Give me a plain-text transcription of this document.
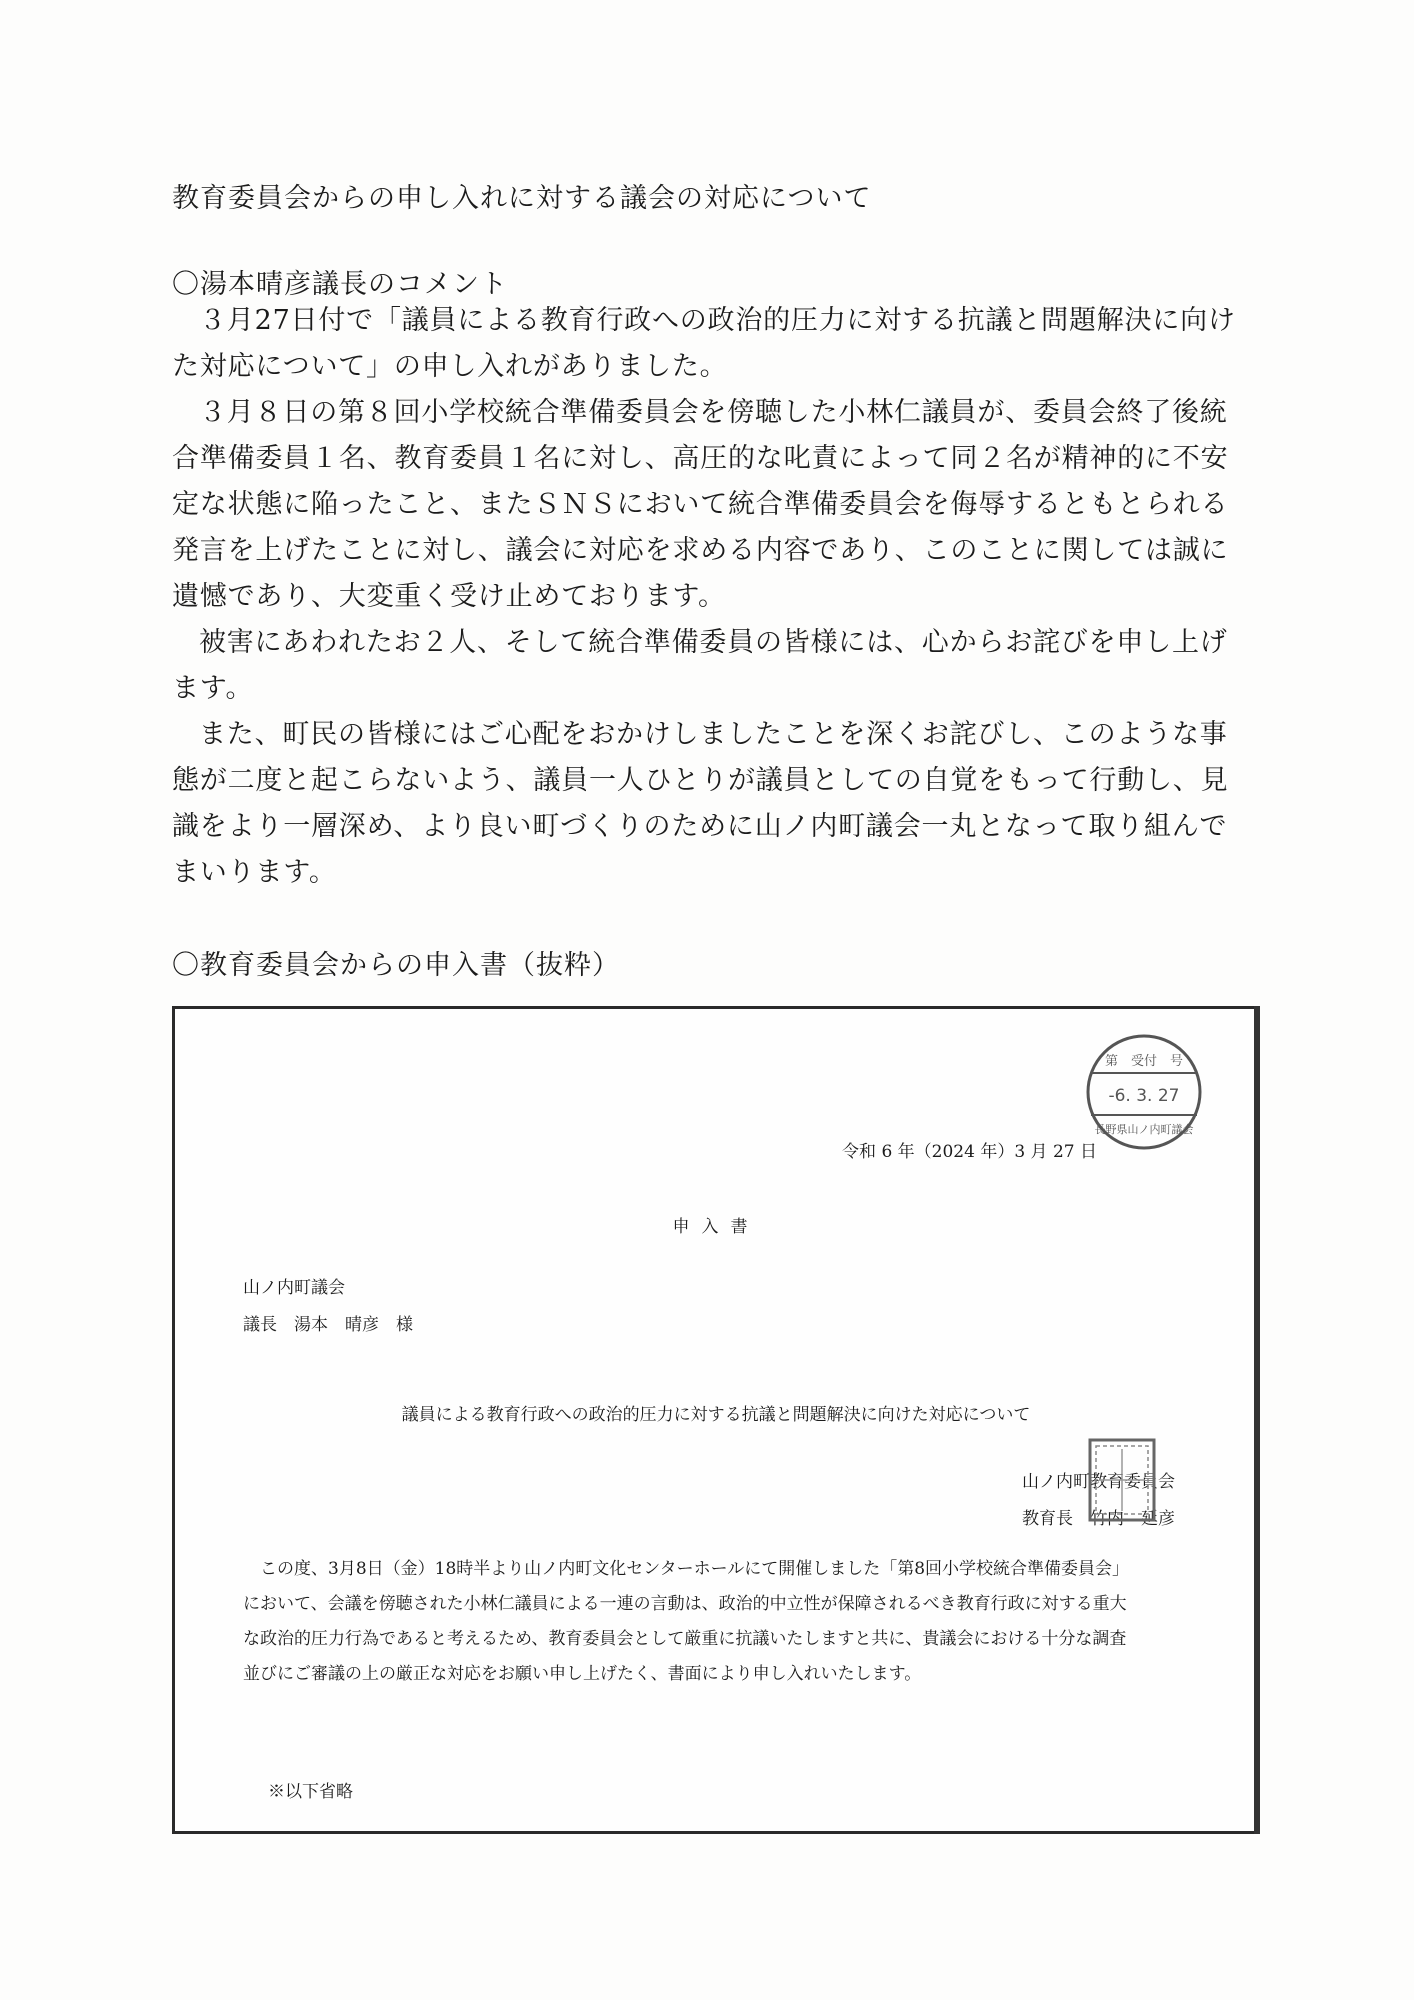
教育委員会からの申し入れに対する議会の対応について
〇湯本晴彦議長のコメント

３月27日付で「議員による教育行政への政治的圧力に対する抗議と問題解決に向けた対応について」の申し入れがありました。

３月８日の第８回小学校統合準備委員会を傍聴した小林仁議員が、委員会終了後統合準備委員１名、教育委員１名に対し、高圧的な叱責によって同２名が精神的に不安定な状態に陥ったこと、またＳＮＳにおいて統合準備委員会を侮辱するともとられる発言を上げたことに対し、議会に対応を求める内容であり、このことに関しては誠に遺憾であり、大変重く受け止めております。

被害にあわれたお２人、そして統合準備委員の皆様には、心からお詫びを申し上げます。

また、町民の皆様にはご心配をおかけしましたことを深くお詫びし、このような事態が二度と起こらないよう、議員一人ひとりが議員としての自覚をもって行動し、見識をより一層深め、より良い町づくりのために山ノ内町議会一丸となって取り組んでまいります。

〇教育委員会からの申入書（抜粋）
第　受付　号
-6. 3. 27
長野県山ノ内町議会
令和 6 年（2024 年）3 月 27 日
申入書
山ノ内町議会
議長　湯本　晴彦　様
議員による教育行政への政治的圧力に対する抗議と問題解決に向けた対応について
山ノ内町教育委員会
教育長　竹内　延彦

この度、3月8日（金）18時半より山ノ内町文化センターホールにて開催しました「第8回小学校統合準備委員会」において、会議を傍聴された小林仁議員による一連の言動は、政治的中立性が保障されるべき教育行政に対する重大な政治的圧力行為であると考えるため、教育委員会として厳重に抗議いたしますと共に、貴議会における十分な調査並びにご審議の上の厳正な対応をお願い申し上げたく、書面により申し入れいたします。

※以下省略
